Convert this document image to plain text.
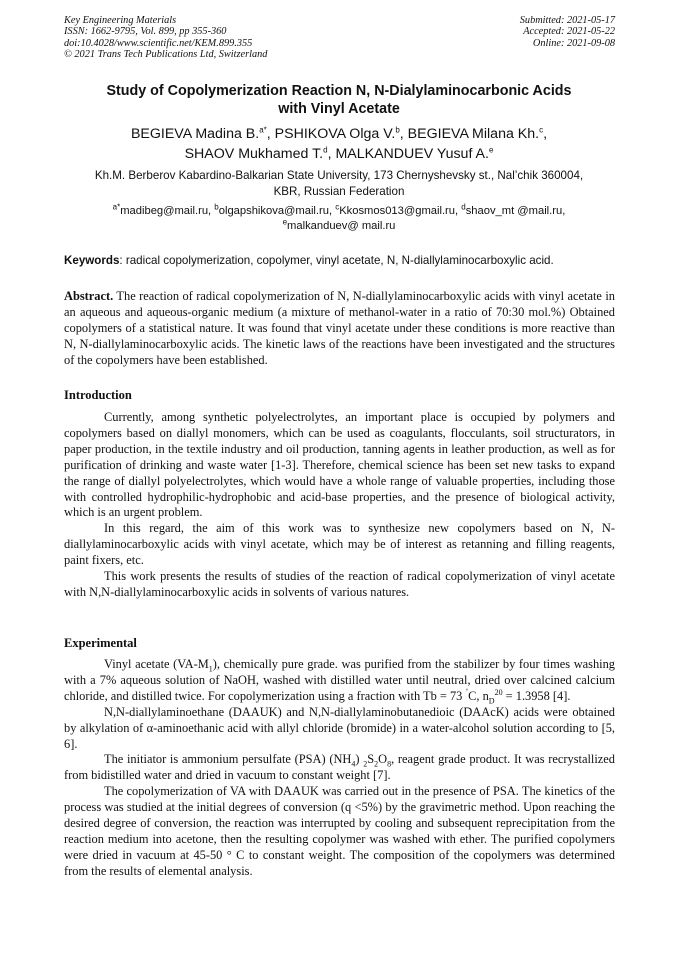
Key Engineering Materials
ISSN: 1662-9795, Vol. 899, pp 355-360
doi:10.4028/www.scientific.net/KEM.899.355
© 2021 Trans Tech Publications Ltd, Switzerland
Submitted: 2021-05-17
Accepted: 2021-05-22
Online: 2021-09-08
Study of Copolymerization Reaction N, N-Dialylaminocarbonic Acids
with Vinyl Acetate
BEGIEVA Madina B.$^{a*}$, PSHIKOVA Olga V.$^b$, BEGIEVA Milana Kh.$^c$,
SHAOV Mukhamed T.$^d$, MALKANDUEV Yusuf A.$^e$
Kh.M. Berberov Kabardino-Balkarian State University, 173 Chernyshevsky st., Nal’chik 360004,
KBR, Russian Federation
$^{a*}$madibeg@mail.ru, $^b$olgapshikova@mail.ru, $^c$Kkosmos013@gmail.ru, $^d$shaov_mt @mail.ru,
$^e$malkanduev@ mail.ru
Keywords: radical copolymerization, copolymer, vinyl acetate, N, N-diallylaminocarboxylic acid.

Abstract. The reaction of radical copolymerization of N, N-diallylaminocarboxylic acids with vinyl acetate in an aqueous and aqueous-organic medium (a mixture of methanol-water in a ratio of 70:30 mol.%) Obtained copolymers of a statistical nature. It was found that vinyl acetate under these conditions is more reactive than N, N-diallylaminocarboxylic acids. The kinetic laws of the reactions have been investigated and the structures of the copolymers have been established.

Introduction

Currently, among synthetic polyelectrolytes, an important place is occupied by polymers and copolymers based on diallyl monomers, which can be used as coagulants, flocculants, soil structurators, in paper production, in the textile industry and oil production, tanning agents in leather production, as well as for purification of drinking and waste water [1-3]. Therefore, chemical science has been set new tasks to expand the range of diallyl polyelectrolytes, which would have a whole range of valuable properties, including those with controlled hydrophilic-hydrophobic and acid-base properties, and the presence of biological activity, which is an urgent problem.

In this regard, the aim of this work was to synthesize new copolymers based on N, N-diallylaminocarboxylic acids with vinyl acetate, which may be of interest as retanning and filling reagents, paint fixers, etc.

This work presents the results of studies of the reaction of radical copolymerization of vinyl acetate with N,N-diallylaminocarboxylic acids in solvents of various natures.

Experimental

Vinyl acetate $(VA-M_1)$, chemically pure grade. was purified from the stabilizer by four times washing with a 7% aqueous solution of NaOH, washed with distilled water until neutral, dried over calcined calcium chloride, and distilled twice. For copolymerization using a fraction with Tb = 73 ˚C, $n_D^{20} = 1.3958$ [4].

N,N-diallylaminoethane (DAAUK) and N,N-diallylaminobutanedioic (DAAcK) acids were obtained by alkylation of α-aminoethanic acid with allyl chloride (bromide) in a water-alcohol solution according to [5, 6].

The initiator is ammonium persulfate (PSA) $(NH_4)$ $_2S_2O_8$, reagent grade product. It was recrystallized from bidistilled water and dried in vacuum to constant weight [7].

The copolymerization of VA with DAAUK was carried out in the presence of PSA. The kinetics of the process was studied at the initial degrees of conversion (q <5%) by the gravimetric method. Upon reaching the desired degree of conversion, the reaction was interrupted by cooling and subsequent reprecipitation from the reaction medium into acetone, then the resulting copolymer was washed with ether. The purified copolymers were dried in vacuum at 45-50 ° C to constant weight. The composition of the copolymers was determined from the results of elemental analysis.
